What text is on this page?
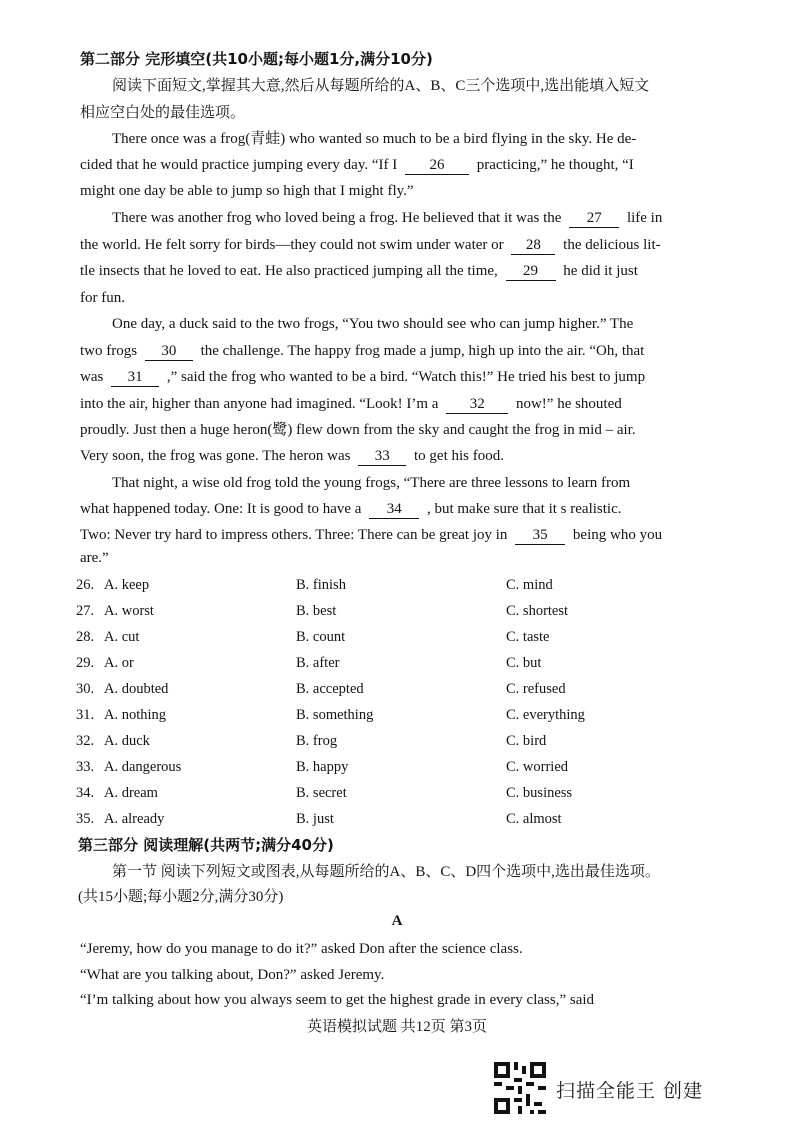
第二部分 完形填空(共10小题;每小题1分,满分10分)
阅读下面短文,掌握其大意,然后从每题所给的A、B、C三个选项中,选出能填入短文
相应空白处的最佳选项。
There once was a frog(青蛙) who wanted so much to be a bird flying in the sky. He de-
cided that he would practice jumping every day. “If I 26 practicing,” he thought, “I
might one day be able to jump so high that I might fly.”
There was another frog who loved being a frog. He believed that it was the 27 life in
the world. He felt sorry for birds—they could not swim under water or 28 the delicious lit-
tle insects that he loved to eat. He also practiced jumping all the time, 29 he did it just
for fun.
One day, a duck said to the two frogs, “You two should see who can jump higher.” The
two frogs 30 the challenge. The happy frog made a jump, high up into the air. “Oh, that
was 31 ,” said the frog who wanted to be a bird. “Watch this!” He tried his best to jump
into the air, higher than anyone had imagined. “Look! I’m a 32 now!” he shouted
proudly. Just then a huge heron(鹭) flew down from the sky and caught the frog in mid – air.
Very soon, the frog was gone. The heron was 33 to get his food.
That night, a wise old frog told the young frogs, “There are three lessons to learn from
what happened today. One: It is good to have a 34 , but make sure that it s realistic.
Two: Never try hard to impress others. Three: There can be great joy in 35 being who you
are.”
26. A. keep	B. finish	C. mind
27. A. worst	B. best	C. shortest
28. A. cut	B. count	C. taste
29. A. or	B. after	C. but
30. A. doubted	B. accepted	C. refused
31. A. nothing	B. something	C. everything
32. A. duck	B. frog	C. bird
33. A. dangerous	B. happy	C. worried
34. A. dream	B. secret	C. business
35. A. already	B. just	C. almost
第三部分 阅读理解(共两节;满分40分)
第一节 阅读下列短文或图表,从每题所给的A、B、C、D四个选项中,选出最佳选项。
(共15小题;每小题2分,满分30分)
A
“Jeremy, how do you manage to do it?” asked Don after the science class.
“What are you talking about, Don?” asked Jeremy.
“I’m talking about how you always seem to get the highest grade in every class,” said
英语模拟试题 共12页 第3页
扫描全能王 创建
